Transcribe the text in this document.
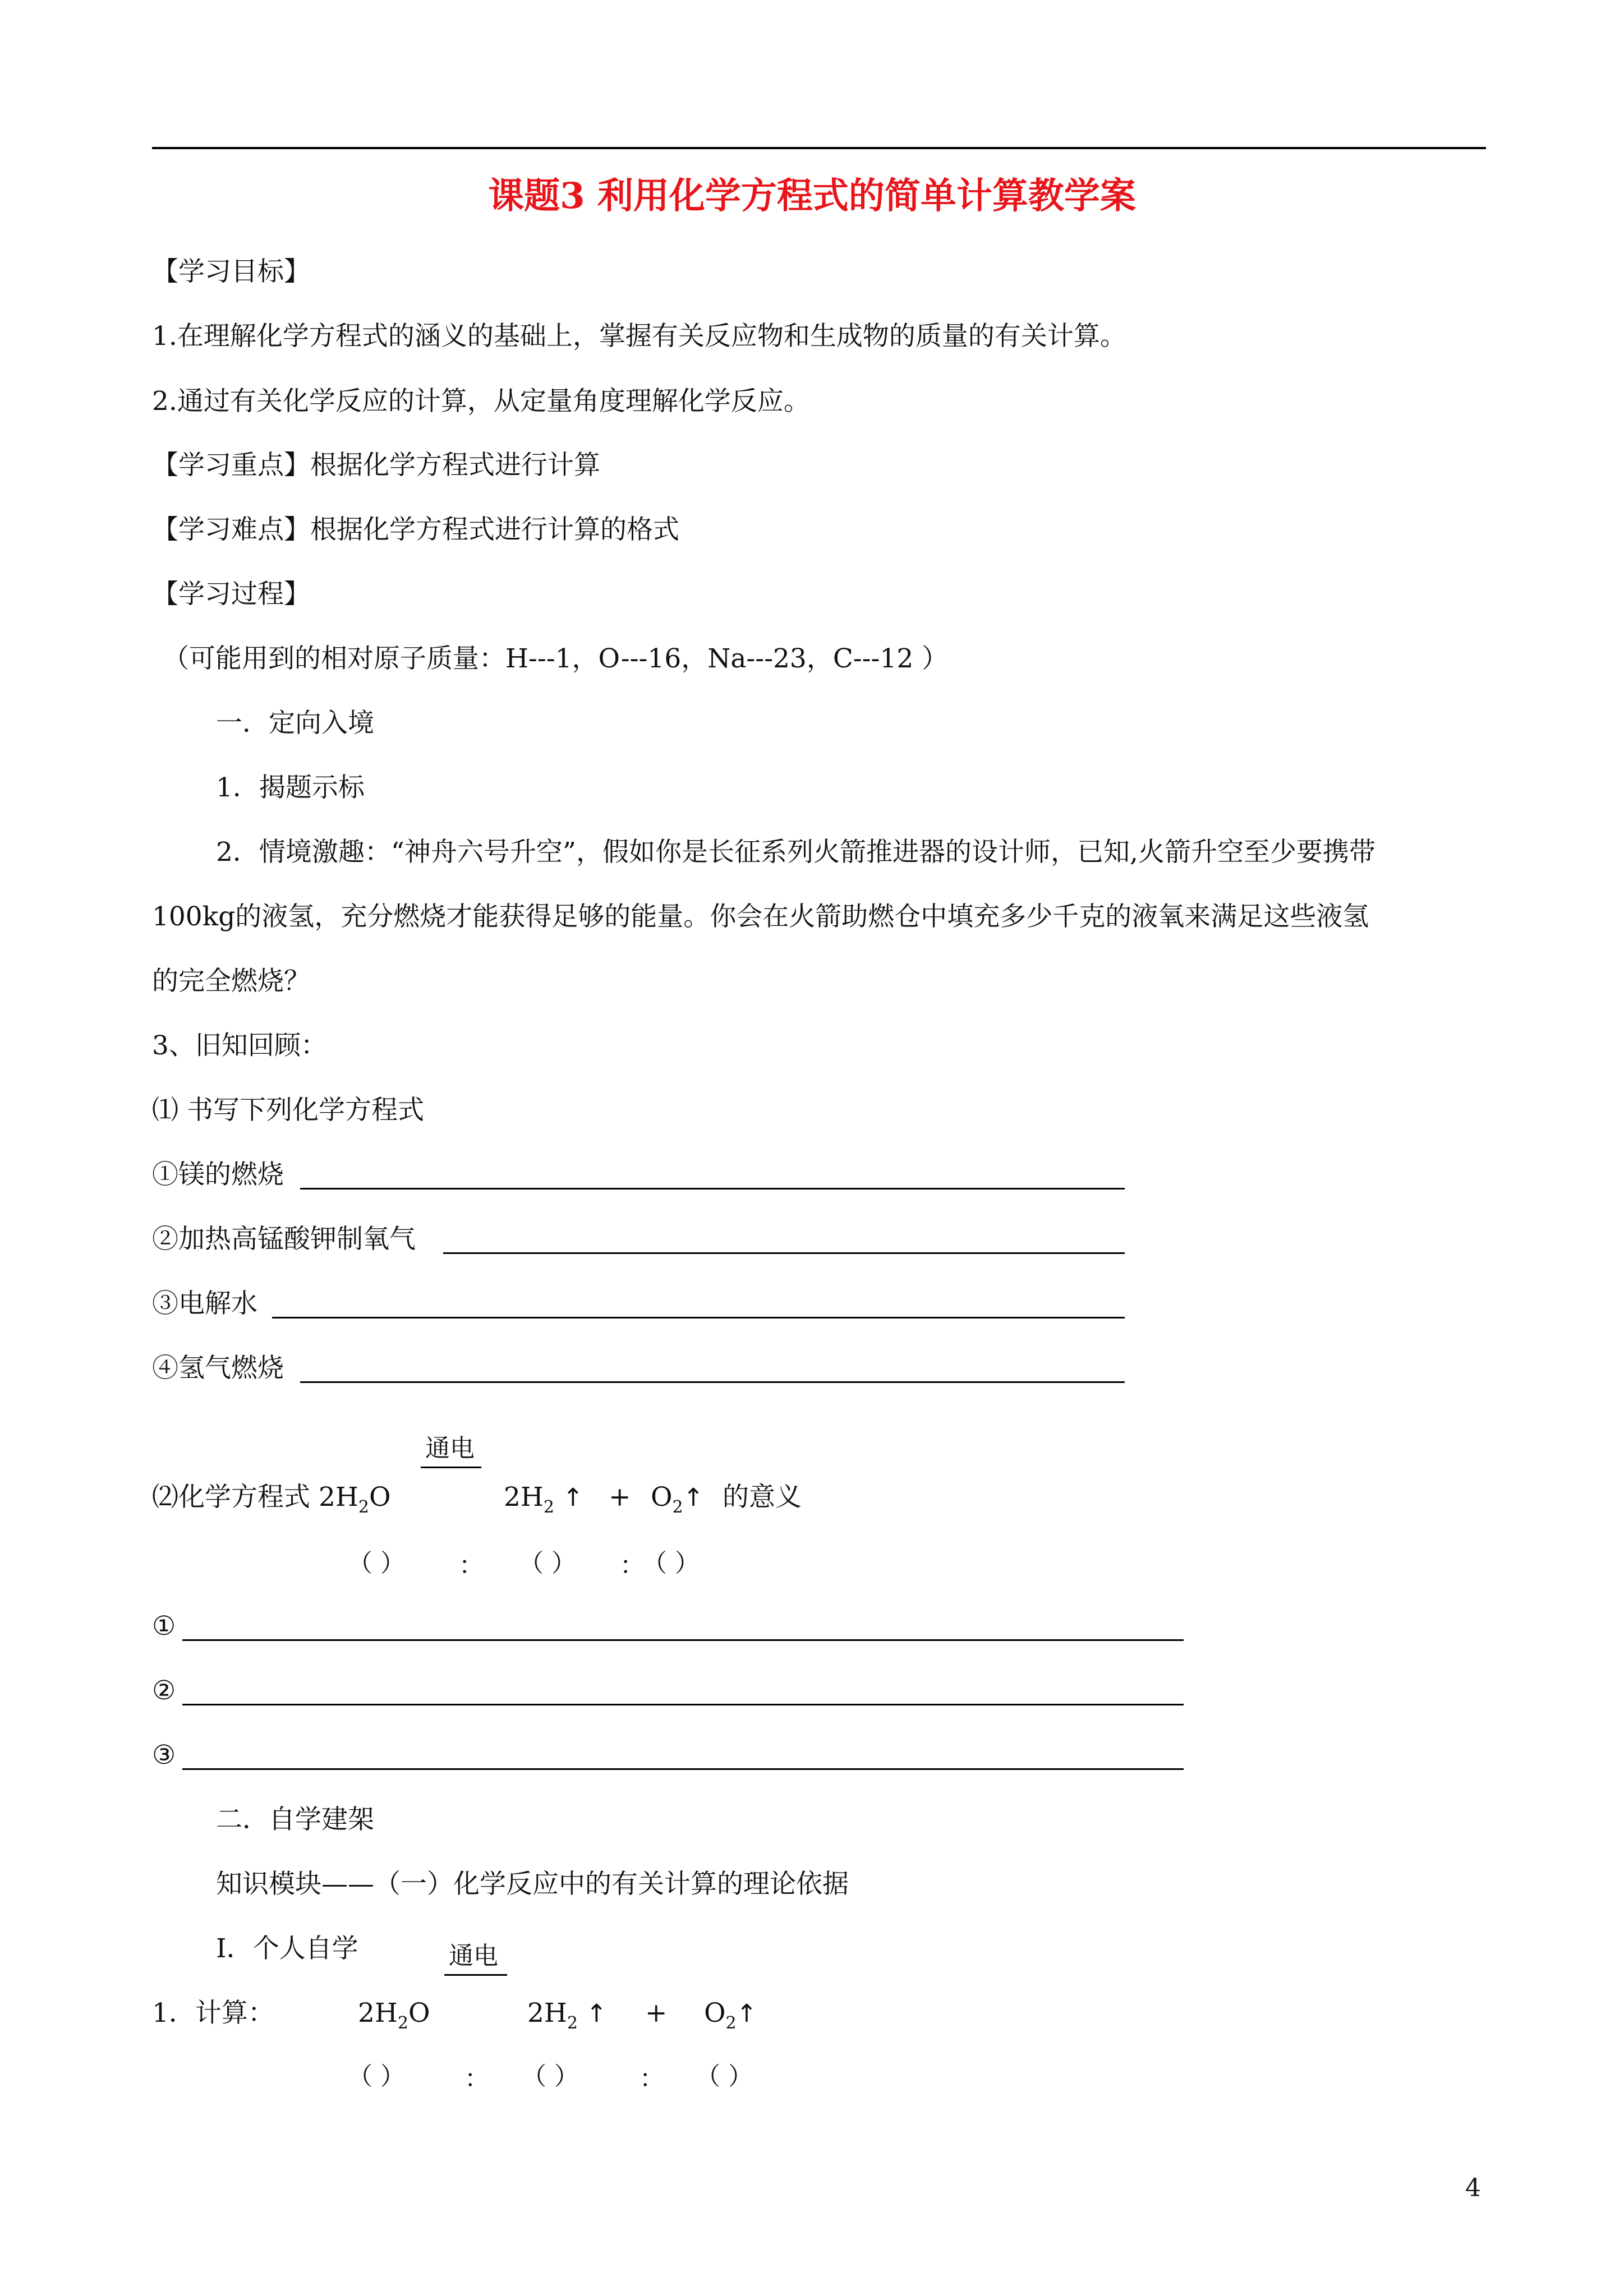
课题3 利用化学方程式的简单计算教学案
【学习目标】
1.在理解化学方程式的涵义的基础上，掌握有关反应物和生成物的质量的有关计算。
2.通过有关化学反应的计算，从定量角度理解化学反应。
【学习重点】根据化学方程式进行计算
【学习难点】根据化学方程式进行计算的格式
【学习过程】
（可能用到的相对原子质量：H---1，O---16，Na---23，C---12 ）
一．定向入境
1．揭题示标
2．情境激趣：“神舟六号升空”，假如你是长征系列火箭推进器的设计师，已知,火箭升空至少要携带
100kg的液氢，充分燃烧才能获得足够的能量。你会在火箭助燃仓中填充多少千克的液氧来满足这些液氢
的完全燃烧？
3、旧知回顾：
⑴ 书写下列化学方程式
①镁的燃烧
②加热高锰酸钾制氧气
③电解水
④氢气燃烧
通电
⑵化学方程式 $2H_2O$	$2H_2$ ↑ + $O_2↑$ 的意义
（ ） ： （ ） ：
（ ）
①
②
③
二．自学建架
知识模块——（一）化学反应中的有关计算的理论依据
Ⅰ．个人自学	通电
1．计算：	$2H_2O$	$2H_2$ ↑ + $O_2↑$
（ ） ： （ ） ： （ ）
4
